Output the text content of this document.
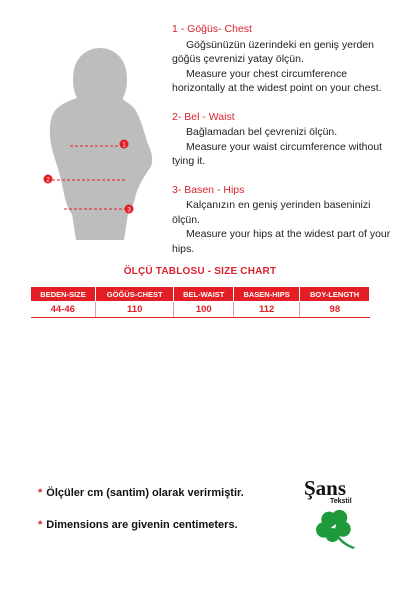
1
2
3
1 - Göğüs- Chest

Göğsünüzün üzerindeki en geniş yerden göğüs çevrenizi yatay ölçün.

Measure your chest circumference horizontally at the widest point on your chest.

2- Bel - Waist

Bağlamadan bel çevrenizi ölçün.

Measure your waist circumference without tying it.

3- Basen - Hips

Kalçanızın en geniş yerinden baseninizi ölçün.

Measure your hips at the widest part of your hips.

ÖLÇÜ TABLOSU - SIZE CHART
BEDEN-SIZE	GÖĞÜS-CHEST	BEL-WAIST	BASEN-HIPS	BOY-LENGTH
44-46	110	100	112	98
* Ölçüler cm (santim) olarak verirmiştir.
* Dimensions are givenin centimeters.
Şans
Tekstil
